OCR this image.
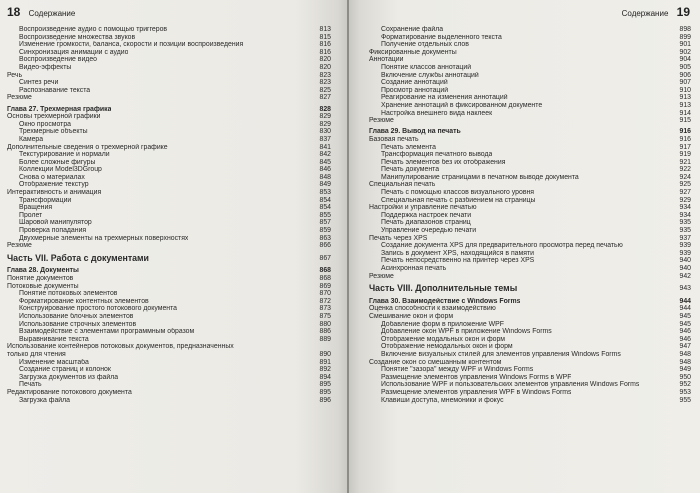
18 Содержание
Воспроизведение аудио с помощью триггеров	813
Воспроизведение множества звуков	815
Изменение громкости, баланса, скорости и позиции воспроизведения	816
Синхронизация анимации с аудио	816
Воспроизведение видео	820
Видео-эффекты	820
Речь	823
Синтез речи	823
Распознавание текста	825
Резюме	827
Глава 27. Трехмерная графика	828
Основы трехмерной графики	829
Окно просмотра	829
Трехмерные объекты	830
Камера	837
Дополнительные сведения о трехмерной графике	841
Текстурирование и нормали	842
Более сложные фигуры	845
Коллекции Model3DGroup	846
Снова о материалах	848
Отображение текстур	849
Интерактивность и анимация	853
Трансформации	854
Вращения	854
Пролет	855
Шаровой манипулятор	857
Проверка попадания	859
Двухмерные элементы на трехмерных поверхностях	863
Резюме	866
Часть VII. Работа с документами	867
Глава 28. Документы	868
Понятие документов	868
Потоковые документы	869
Понятие потоковых элементов	870
Форматирование контентных элементов	872
Конструирование простого потокового документа	873
Использование блочных элементов	875
Использование строчных элементов	880
Взаимодействие с элементами программным образом	886
Выравнивание текста	889
Использование контейнеров потоковых документов, предназначенных
только для чтения	890
Изменение масштаба	891
Создание страниц и колонок	892
Загрузка документов из файла	894
Печать	895
Редактирование потокового документа	895
Загрузка файла	896
Содержание 19
Сохранение файла	898
Форматирование выделенного текста	899
Получение отдельных слов	901
Фиксированные документы	902
Аннотации	904
Понятие классов аннотаций	905
Включение службы аннотаций	906
Создание аннотаций	907
Просмотр аннотаций	910
Реагирование на изменения аннотаций	913
Хранение аннотаций в фиксированном документе	913
Настройка внешнего вида наклеек	914
Резюме	915
Глава 29. Вывод на печать	916
Базовая печать	916
Печать элемента	917
Трансформация печатного вывода	919
Печать элементов без их отображения	921
Печать документа	922
Манипулирование страницами в печатном выводе документа	924
Специальная печать	925
Печать с помощью классов визуального уровня	927
Специальная печать с разбиением на страницы	929
Настройки и управление печатью	934
Поддержка настроек печати	934
Печать диапазонов страниц	935
Управление очередью печати	935
Печать через XPS	937
Создание документа XPS для предварительного просмотра перед печатью	939
Запись в документ XPS, находящийся в памяти	939
Печать непосредственно на принтер через XPS	940
Асинхронная печать	940
Резюме	942
Часть VIII. Дополнительные темы	943
Глава 30. Взаимодействие с Windows Forms	944
Оценка способности к взаимодействию	944
Смешивание окон и форм	945
Добавление форм в приложение WPF	945
Добавление окон WPF в приложение Windows Forms	946
Отображение модальных окон и форм	946
Отображение немодальных окон и форм	947
Включение визуальных стилей для элементов управления Windows Forms	948
Создание окон со смешанным контентом	948
Понятие "зазора" между WPF и Windows Forms	949
Размещение элементов управления Windows Forms в WPF	950
Использование WPF и пользовательских элементов управления Windows Forms	952
Размещение элементов управления WPF в Windows Forms	953
Клавиши доступа, мнемоники и фокус	955
